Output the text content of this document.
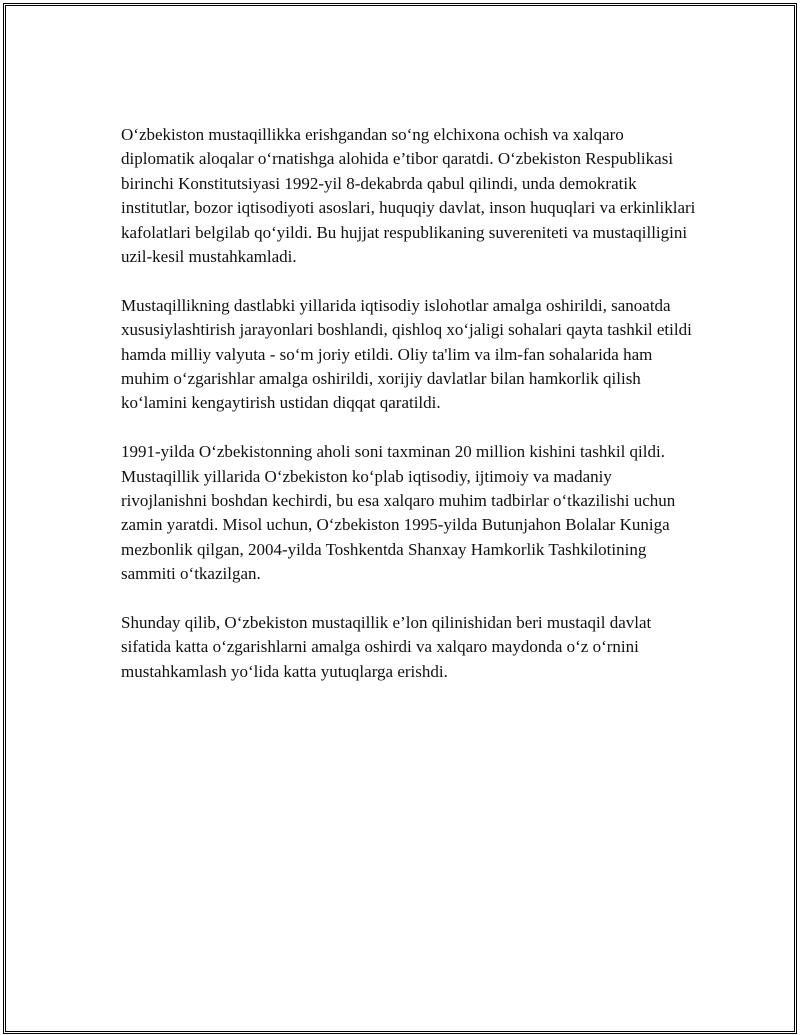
O‘zbekiston mustaqillikka erishgandan so‘ng elchixona ochish va xalqaro diplomatik aloqalar o‘rnatishga alohida e’tibor qaratdi. O‘zbekiston Respublikasi birinchi Konstitutsiyasi 1992-yil 8-dekabrda qabul qilindi, unda demokratik institutlar, bozor iqtisodiyoti asoslari, huquqiy davlat, inson huquqlari va erkinliklari kafolatlari belgilab qo‘yildi. Bu hujjat respublikaning suvereniteti va mustaqilligini uzil-kesil mustahkamladi.

Mustaqillikning dastlabki yillarida iqtisodiy islohotlar amalga oshirildi, sanoatda xususiylashtirish jarayonlari boshlandi, qishloq xo‘jaligi sohalari qayta tashkil etildi hamda milliy valyuta - so‘m joriy etildi. Oliy ta'lim va ilm-fan sohalarida ham muhim o‘zgarishlar amalga oshirildi, xorijiy davlatlar bilan hamkorlik qilish ko‘lamini kengaytirish ustidan diqqat qaratildi.

1991-yilda O‘zbekistonning aholi soni taxminan 20 million kishini tashkil qildi. Mustaqillik yillarida O‘zbekiston ko‘plab iqtisodiy, ijtimoiy va madaniy rivojlanishni boshdan kechirdi, bu esa xalqaro muhim tadbirlar o‘tkazilishi uchun zamin yaratdi. Misol uchun, O‘zbekiston 1995-yilda Butunjahon Bolalar Kuniga mezbonlik qilgan, 2004-yilda Toshkentda Shanxay Hamkorlik Tashkilotining sammiti o‘tkazilgan.

Shunday qilib, O‘zbekiston mustaqillik e’lon qilinishidan beri mustaqil davlat sifatida katta o‘zgarishlarni amalga oshirdi va xalqaro maydonda o‘z o‘rnini mustahkamlash yo‘lida katta yutuqlarga erishdi.
